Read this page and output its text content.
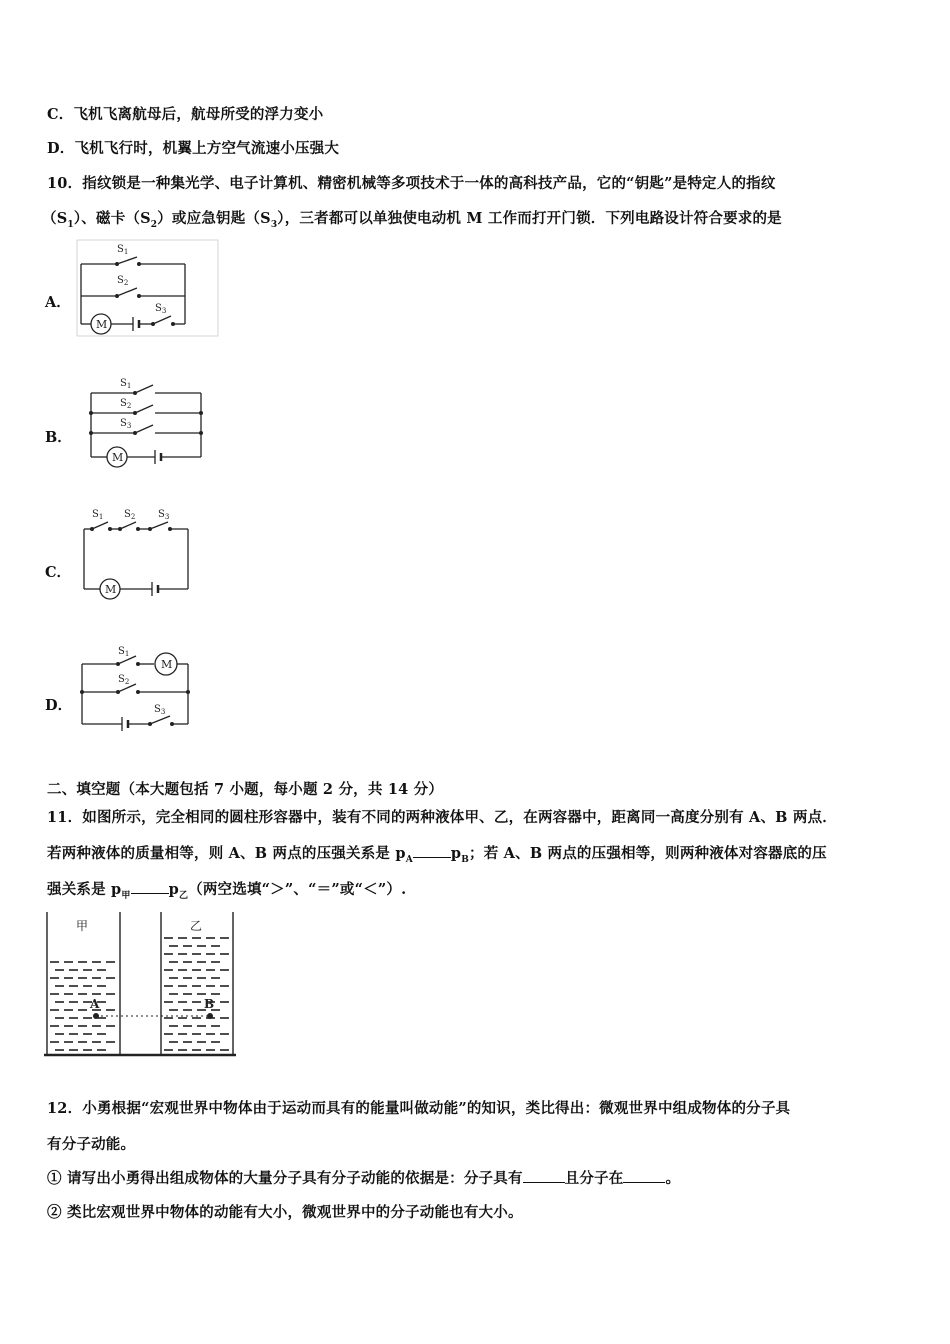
C．飞机飞离航母后，航母所受的浮力变小
D．飞机飞行时，机翼上方空气流速小压强大
10．指纹锁是一种集光学、电子计算机、精密机械等多项技术于一体的高科技产品，它的“钥匙”是特定人的指纹
$(S_1)$、磁卡$(S_2)$或应急钥匙$(S_3)$，三者都可以单独使电动机 M 工作而打开门锁．下列电路设计符合要求的是
A．
$S_1$
$S_2$
$S_3$
M
B．
$S_1$
$S_2$
$S_3$
M
C．
$S_1$ $S_2$ $S_3$
M
D．
$S_1$
$S_2$
$S_3$
M
二、填空题（本大题包括 7 小题，每小题 2 分，共 14 分）
11．如图所示，完全相同的圆柱形容器中，装有不同的两种液体甲、乙，在两容器中，距离同一高度分别有 A、B 两点．
若两种液体的质量相等，则 A、B 两点的压强关系是 $p_A$	$p_B$；若 A、B 两点的压强相等，则两种液体对容器底的压
强关系是 $p_甲$	$p_乙$（两空选填“＞”、“＝”或“＜”）.
甲	乙
A	B
12．小勇根据“宏观世界中物体由于运动而具有的能量叫做动能”的知识，类比得出：微观世界中组成物体的分子具
有分子动能。
① 请写出小勇得出组成物体的大量分子具有分子动能的依据是：分子具有	且分子在	。
② 类比宏观世界中物体的动能有大小，微观世界中的分子动能也有大小。
